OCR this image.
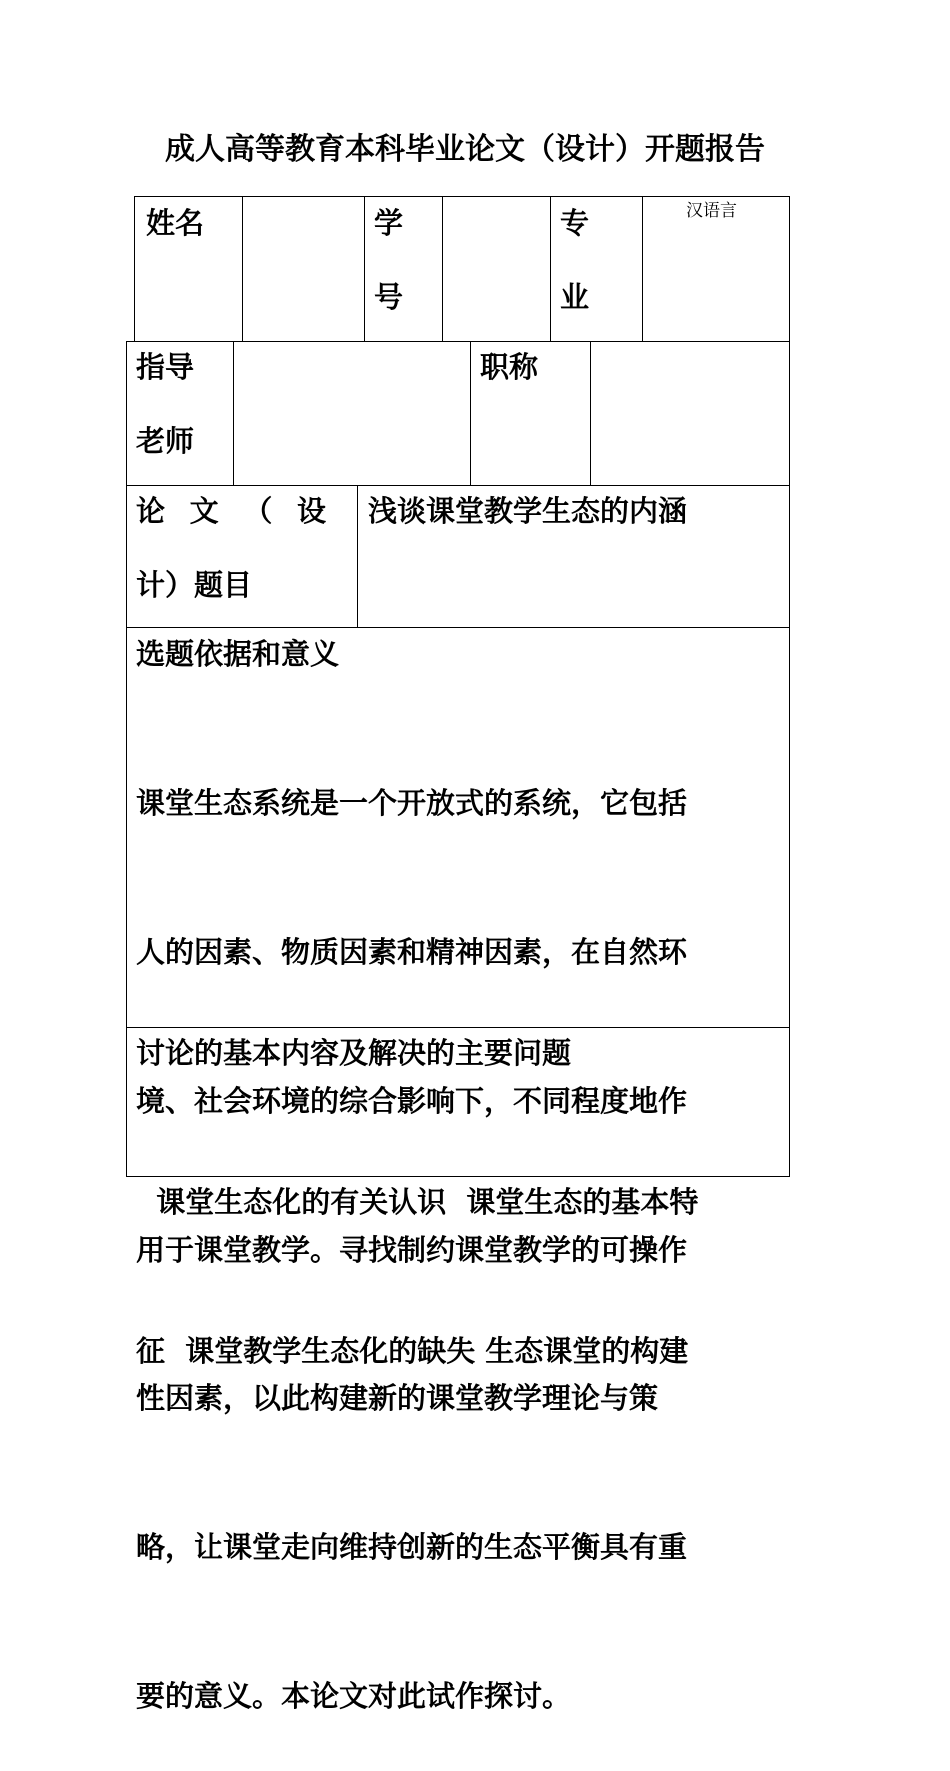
成人高等教育本科毕业论文（设计）开题报告
姓名	学
号
专
业
汉语言
指导
老师
职称
论 文 （ 设
计）题目
浅谈课堂教学生态的内涵
选题依据和意义

课堂生态系统是一个开放式的系统，它包括

人的因素、物质因素和精神因素，在自然环

境、社会环境的综合影响下，不同程度地作

用于课堂教学。寻找制约课堂教学的可操作

性因素，以此构建新的课堂教学理论与策

略，让课堂走向维持创新的生态平衡具有重

要的意义。本论文对此试作探讨。

讨论的基本内容及解决的主要问题

课堂生态化的有关认识  课堂生态的基本特

征  课堂教学生态化的缺失 生态课堂的构建
